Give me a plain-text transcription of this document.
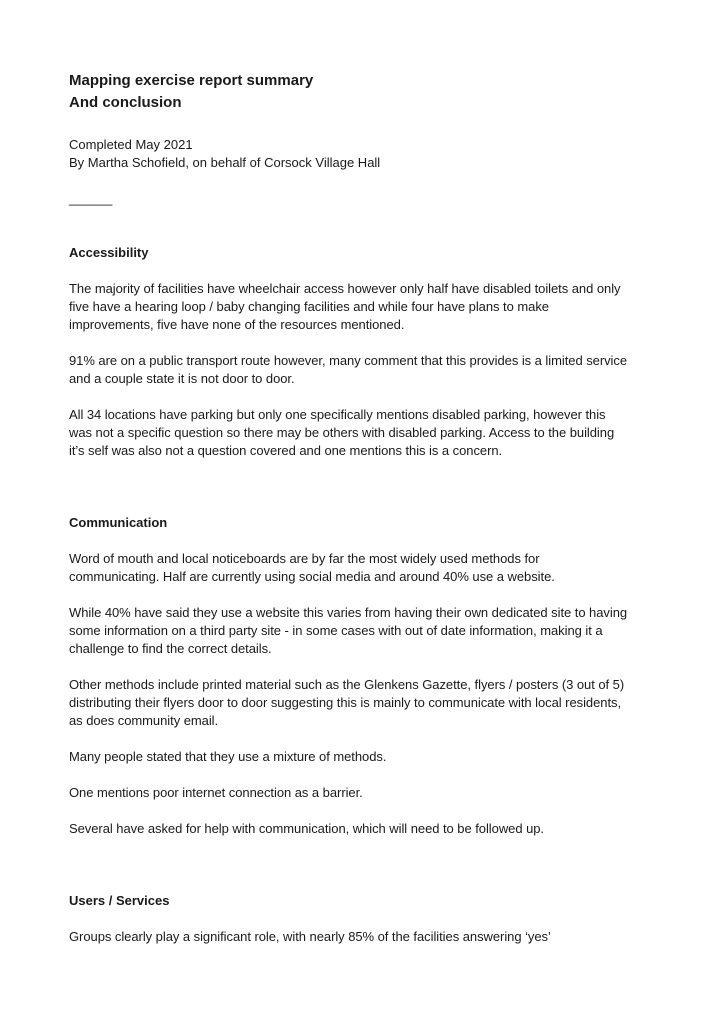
Mapping exercise report summary
And conclusion

Completed May 2021
By Martha Schofield, on behalf of Corsock Village Hall

______

Accessibility

The majority of facilities have wheelchair access however only half have disabled toilets and only
five have a hearing loop / baby changing facilities and while four have plans to make
improvements, five have none of the resources mentioned.

91% are on a public transport route however, many comment that this provides is a limited service
and a couple state it is not door to door.

All 34 locations have parking but only one specifically mentions disabled parking, however this
was not a specific question so there may be others with disabled parking. Access to the building
it’s self was also not a question covered and one mentions this is a concern.

Communication

Word of mouth and local noticeboards are by far the most widely used methods for
communicating. Half are currently using social media and around 40% use a website.

While 40% have said they use a website this varies from having their own dedicated site to having
some information on a third party site - in some cases with out of date information, making it a
challenge to find the correct details.

Other methods include printed material such as the Glenkens Gazette, flyers / posters (3 out of 5)
distributing their flyers door to door suggesting this is mainly to communicate with local residents,
as does community email.

Many people stated that they use a mixture of methods.

One mentions poor internet connection as a barrier.

Several have asked for help with communication, which will need to be followed up.

Users / Services

Groups clearly play a significant role, with nearly 85% of the facilities answering ‘yes’
